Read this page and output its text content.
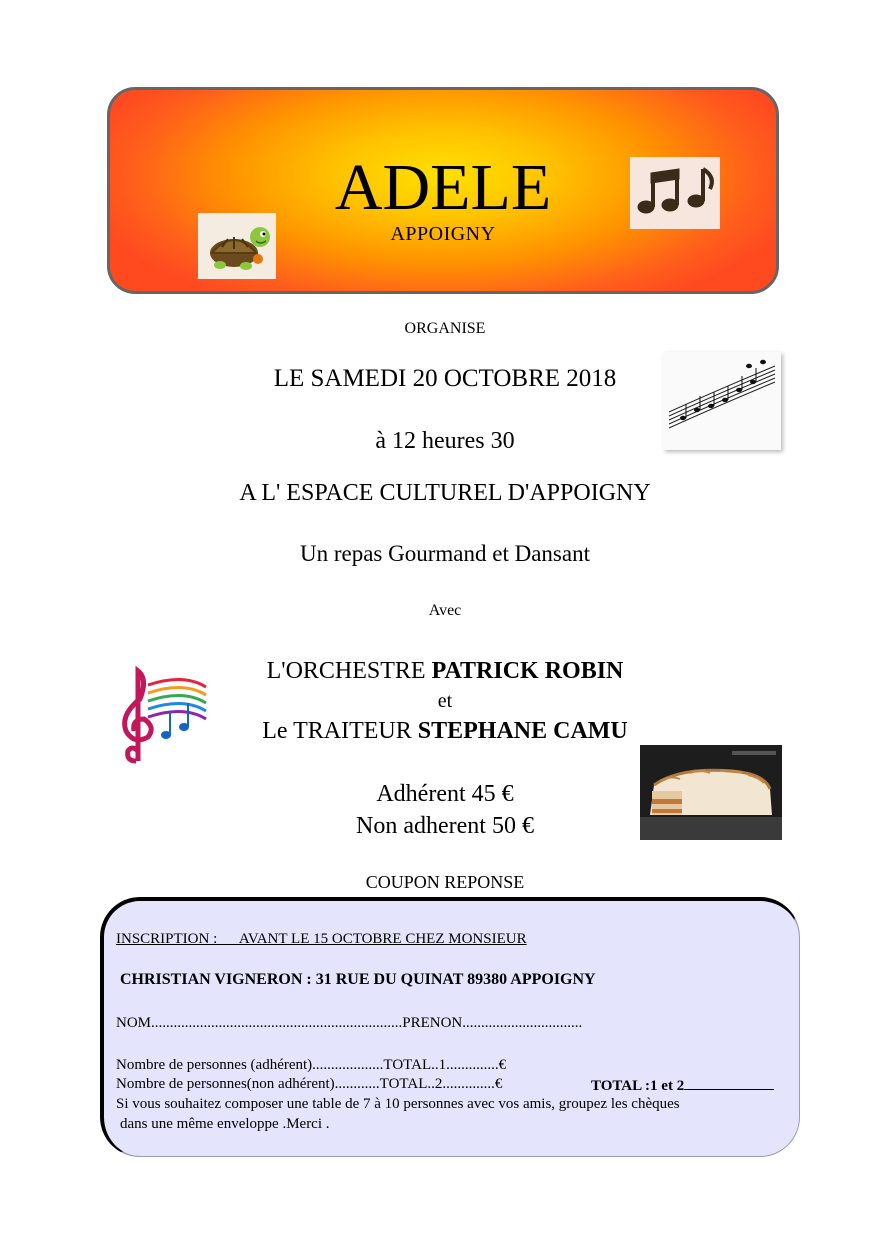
ADELE
APPOIGNY
ORGANISE
LE SAMEDI 20 OCTOBRE 2018
à 12 heures 30
A L' ESPACE CULTUREL D'APPOIGNY
Un repas Gourmand et Dansant
Avec
L'ORCHESTRE PATRICK ROBIN
et
Le TRAITEUR STEPHANE CAMU
Adhérent 45 €
Non adherent 50 €
COUPON REPONSE
INSCRIPTION :      AVANT LE 15 OCTOBRE CHEZ MONSIEUR
CHRISTIAN VIGNERON : 31 RUE DU QUINAT 89380 APPOIGNY
NOM...................................................................PRENON................................
Nombre de personnes (adhérent)...................TOTAL..1..............€
Nombre de personnes(non adhérent)............TOTAL..2..............€	TOTAL :1 et 2
Si vous souhaitez composer une table de 7 à 10 personnes avec vos amis, groupez les chèques
dans une même enveloppe .Merci .
